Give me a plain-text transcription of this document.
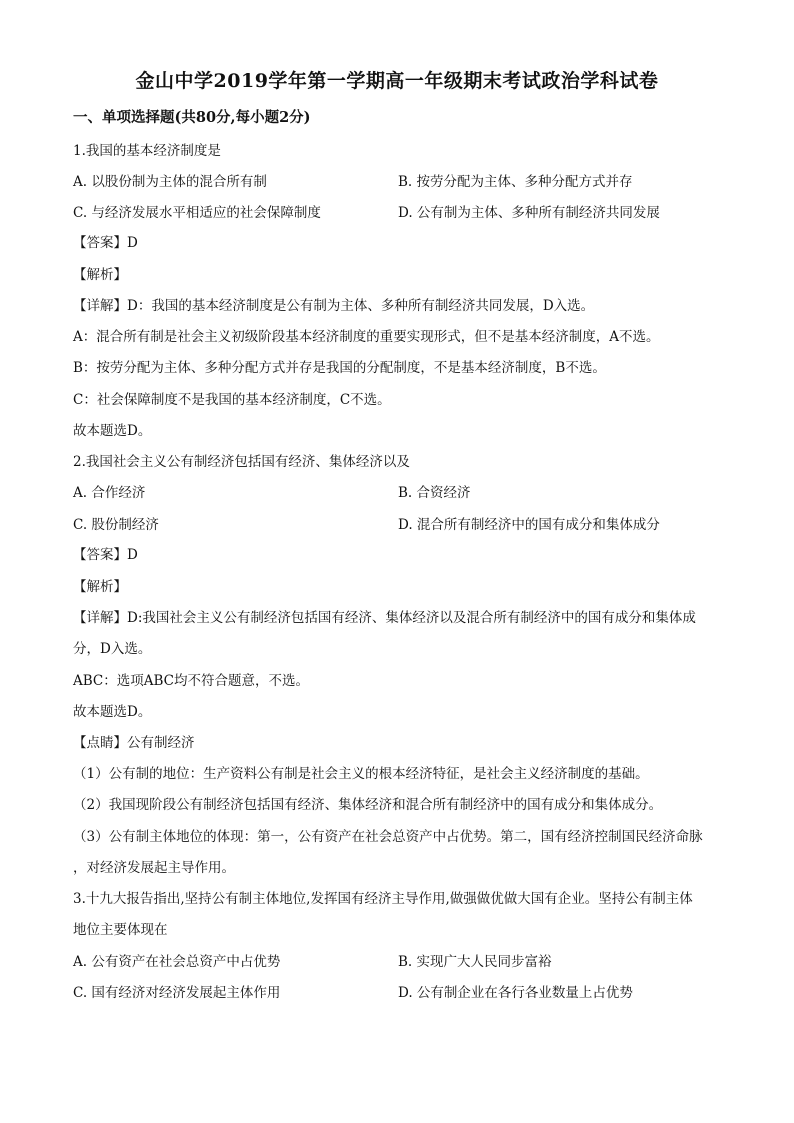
金山中学2019学年第一学期高一年级期末考试政治学科试卷
一、单项选择题(共80分,每小题2分)
1.我国的基本经济制度是
A. 以股份制为主体的混合所有制	B. 按劳分配为主体、多种分配方式并存
C. 与经济发展水平相适应的社会保障制度	D. 公有制为主体、多种所有制经济共同发展
【答案】D
【解析】
【详解】D：我国的基本经济制度是公有制为主体、多种所有制经济共同发展，D入选。
A：混合所有制是社会主义初级阶段基本经济制度的重要实现形式，但不是基本经济制度，A不选。
B：按劳分配为主体、多种分配方式并存是我国的分配制度，不是基本经济制度，B不选。
C：社会保障制度不是我国的基本经济制度，C不选。
故本题选D。
2.我国社会主义公有制经济包括国有经济、集体经济以及
A. 合作经济	B. 合资经济
C. 股份制经济	D. 混合所有制经济中的国有成分和集体成分
【答案】D
【解析】
【详解】D:我国社会主义公有制经济包括国有经济、集体经济以及混合所有制经济中的国有成分和集体成
分，D入选。
ABC：选项ABC均不符合题意，不选。
故本题选D。
【点睛】公有制经济
（1）公有制的地位：生产资料公有制是社会主义的根本经济特征，是社会主义经济制度的基础。
（2）我国现阶段公有制经济包括国有经济、集体经济和混合所有制经济中的国有成分和集体成分。
（3）公有制主体地位的体现：第一，公有资产在社会总资产中占优势。第二，国有经济控制国民经济命脉
，对经济发展起主导作用。
3.十九大报告指出,坚持公有制主体地位,发挥国有经济主导作用,做强做优做大国有企业。坚持公有制主体
地位主要体现在
A. 公有资产在社会总资产中占优势	B. 实现广大人民同步富裕
C. 国有经济对经济发展起主体作用	D. 公有制企业在各行各业数量上占优势
